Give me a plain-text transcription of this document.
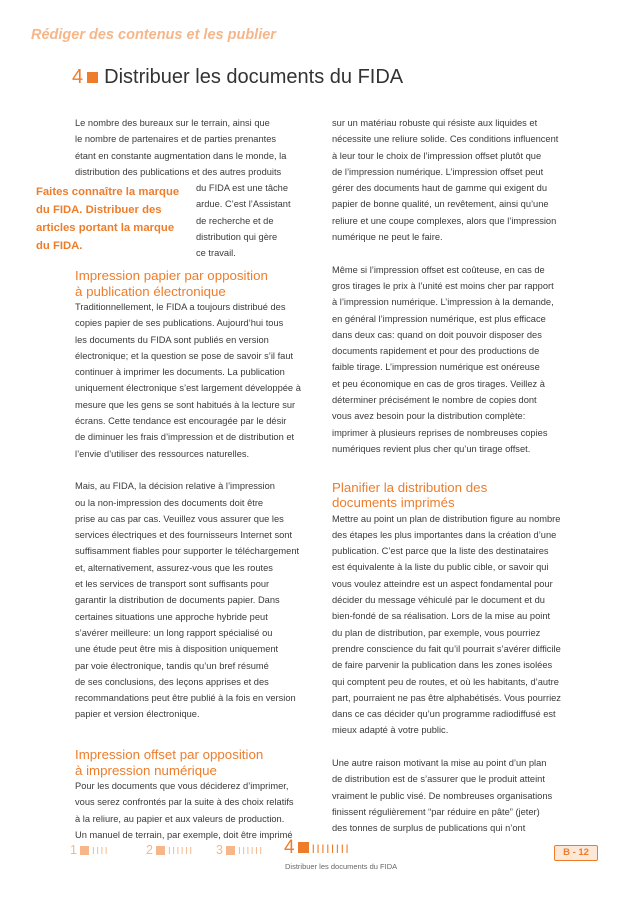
Rédiger des contenus et les publier
4 Distribuer les documents du FIDA
Le nombre des bureaux sur le terrain, ainsi que
le nombre de partenaires et de parties prenantes
étant en constante augmentation dans le monde, la
distribution des publications et des autres produits
du FIDA est une tâche
ardue. C’est l’Assistant
de recherche et de
distribution qui gère
ce travail.
Faites connaître la marque du FIDA. Distribuer des articles portant la marque du FIDA.

Impression papier par opposition
à publication électronique

Traditionnellement, le FIDA a toujours distribué des
copies papier de ses publications. Aujourd’hui tous
les documents du FIDA sont publiés en version
électronique; et la question se pose de savoir s’il faut
continuer à imprimer les documents. La publication
uniquement électronique s’est largement développée à
mesure que les gens se sont habitués à la lecture sur
écrans. Cette tendance est encouragée par le désir
de diminuer les frais d’impression et de distribution et
l’envie d’utiliser des ressources naturelles.
Mais, au FIDA, la décision relative à l’impression
ou la non-impression des documents doit être
prise au cas par cas. Veuillez vous assurer que les
services électriques et des fournisseurs Internet sont
suffisamment fiables pour supporter le téléchargement
et, alternativement, assurez-vous que les routes
et les services de transport sont suffisants pour
garantir la distribution de documents papier. Dans
certaines situations une approche hybride peut
s’avérer meilleure: un long rapport spécialisé ou
une étude peut être mis à disposition uniquement
par voie électronique, tandis qu’un bref résumé
de ses conclusions, des leçons apprises et des
recommandations peut être publié à la fois en version
papier et version électronique.

Impression offset par opposition
à impression numérique

Pour les documents que vous déciderez d’imprimer,
vous serez confrontés par la suite à des choix relatifs
à la reliure, au papier et aux valeurs de production.
Un manuel de terrain, par exemple, doit être imprimé
sur un matériau robuste qui résiste aux liquides et
nécessite une reliure solide. Ces conditions influencent
à leur tour le choix de l’impression offset plutôt que
de l’impression numérique. L’impression offset peut
gérer des documents haut de gamme qui exigent du
papier de bonne qualité, un revêtement, ainsi qu’une
reliure et une coupe complexes, alors que l’impression
numérique ne peut le faire.
Même si l’impression offset est coûteuse, en cas de
gros tirages le prix à l’unité est moins cher par rapport
à l’impression numérique. L’impression à la demande,
en général l’impression numérique, est plus efficace
dans deux cas: quand on doit pouvoir disposer des
documents rapidement et pour des productions de
faible tirage. L’impression numérique est onéreuse
et peu économique en cas de gros tirages. Veillez à
déterminer précisément le nombre de copies dont
vous avez besoin pour la distribution complète:
imprimer à plusieurs reprises de nombreuses copies
numériques revient plus cher qu’un tirage offset.

Planifier la distribution des
documents imprimés

Mettre au point un plan de distribution figure au nombre
des étapes les plus importantes dans la création d’une
publication. C’est parce que la liste des destinataires
est équivalente à la liste du public cible, or savoir qui
vous voulez atteindre est un aspect fondamental pour
décider du message véhiculé par le document et du
bien-fondé de sa réalisation. Lors de la mise au point
du plan de distribution, par exemple, vous pourriez
prendre conscience du fait qu’il pourrait s’avérer difficile
de faire parvenir la publication dans les zones isolées
qui comptent peu de routes, et où les habitants, d’autre
part, pourraient ne pas être alphabétisés. Vous pourriez
dans ce cas décider qu’un programme radiodiffusé est
mieux adapté à votre public.
Une autre raison motivant la mise au point d’un plan
de distribution est de s’assurer que le produit atteint
vraiment le public visé. De nombreuses organisations
finissent régulièrement “par réduire en pâte” (jeter)
des tonnes de surplus de publications qui n’ont
1 IIII	2 IIIIII 3 IIIIII 4 IIIIIIII
Distribuer les documents du FIDA
B - 12
